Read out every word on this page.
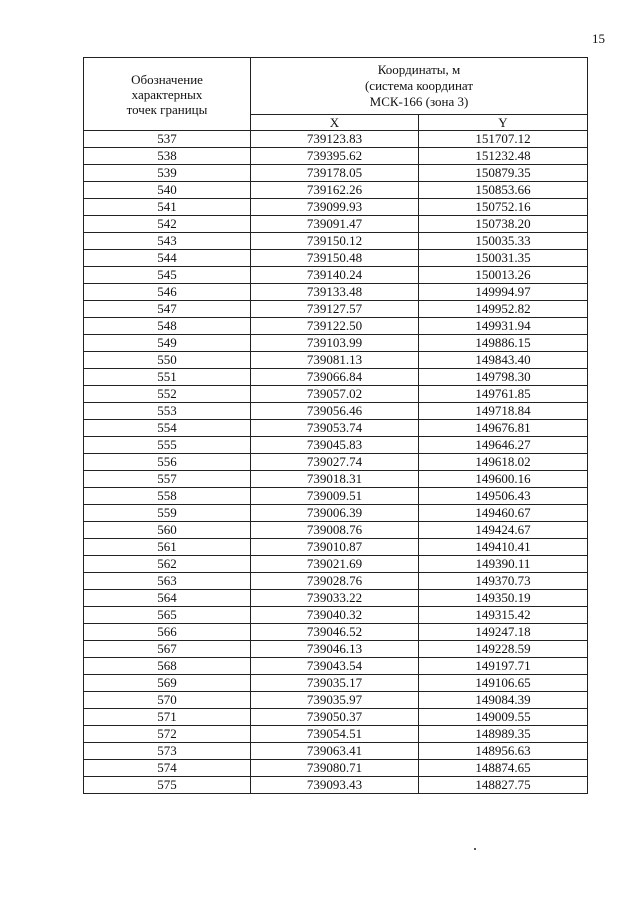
15
Обозначение
характерных
точек границы	Координаты, м
(система координат
МСК-166 (зона 3)	

	X	Y
537	739123.83	151707.12
538	739395.62	151232.48
539	739178.05	150879.35
540	739162.26	150853.66
541	739099.93	150752.16
542	739091.47	150738.20
543	739150.12	150035.33
544	739150.48	150031.35
545	739140.24	150013.26
546	739133.48	149994.97
547	739127.57	149952.82
548	739122.50	149931.94
549	739103.99	149886.15
550	739081.13	149843.40
551	739066.84	149798.30
552	739057.02	149761.85
553	739056.46	149718.84
554	739053.74	149676.81
555	739045.83	149646.27
556	739027.74	149618.02
557	739018.31	149600.16
558	739009.51	149506.43
559	739006.39	149460.67
560	739008.76	149424.67
561	739010.87	149410.41
562	739021.69	149390.11
563	739028.76	149370.73
564	739033.22	149350.19
565	739040.32	149315.42
566	739046.52	149247.18
567	739046.13	149228.59
568	739043.54	149197.71
569	739035.17	149106.65
570	739035.97	149084.39
571	739050.37	149009.55
572	739054.51	148989.35
573	739063.41	148956.63
574	739080.71	148874.65
575	739093.43	148827.75
